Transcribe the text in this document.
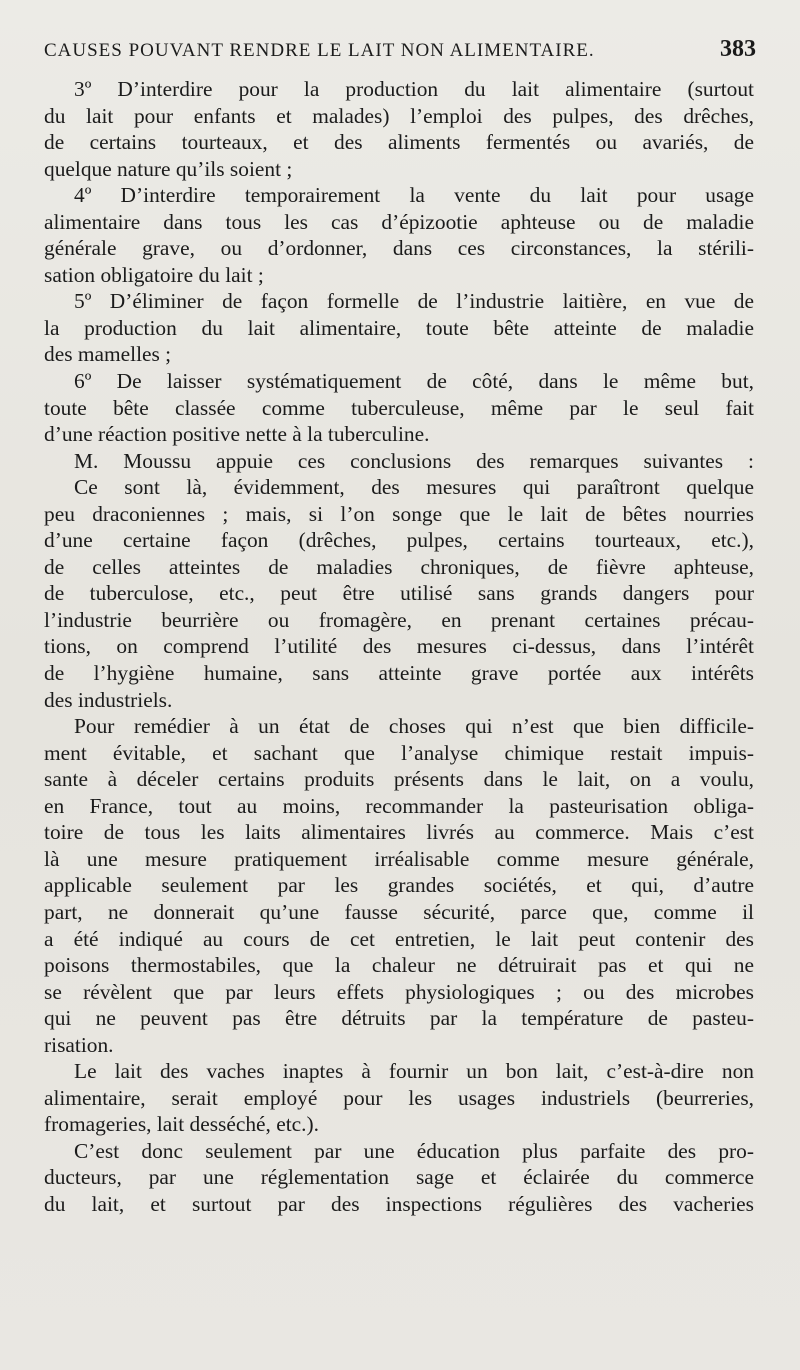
CAUSES POUVANT RENDRE LE LAIT NON ALIMENTAIRE.	383
3º D’interdire pour la production du lait alimentaire (surtout
du lait pour enfants et malades) l’emploi des pulpes, des drêches,
de certains tourteaux, et des aliments fermentés ou avariés, de
quelque nature qu’ils soient ;
4º D’interdire temporairement la vente du lait pour usage
alimentaire dans tous les cas d’épizootie aphteuse ou de maladie
générale grave, ou d’ordonner, dans ces circonstances, la stérili-
sation obligatoire du lait ;
5º D’éliminer de façon formelle de l’industrie laitière, en vue de
la production du lait alimentaire, toute bête atteinte de maladie
des mamelles ;
6º De laisser systématiquement de côté, dans le même but,
toute bête classée comme tuberculeuse, même par le seul fait
d’une réaction positive nette à la tuberculine.
M. Moussu appuie ces conclusions des remarques suivantes :
Ce sont là, évidemment, des mesures qui paraîtront quelque
peu draconiennes ; mais, si l’on songe que le lait de bêtes nourries
d’une certaine façon (drêches, pulpes, certains tourteaux, etc.),
de celles atteintes de maladies chroniques, de fièvre aphteuse,
de tuberculose, etc., peut être utilisé sans grands dangers pour
l’industrie beurrière ou fromagère, en prenant certaines précau-
tions, on comprend l’utilité des mesures ci-dessus, dans l’intérêt
de l’hygiène humaine, sans atteinte grave portée aux intérêts
des industriels.
Pour remédier à un état de choses qui n’est que bien difficile-
ment évitable, et sachant que l’analyse chimique restait impuis-
sante à déceler certains produits présents dans le lait, on a voulu,
en France, tout au moins, recommander la pasteurisation obliga-
toire de tous les laits alimentaires livrés au commerce. Mais c’est
là une mesure pratiquement irréalisable comme mesure générale,
applicable seulement par les grandes sociétés, et qui, d’autre
part, ne donnerait qu’une fausse sécurité, parce que, comme il
a été indiqué au cours de cet entretien, le lait peut contenir des
poisons thermostabiles, que la chaleur ne détruirait pas et qui ne
se révèlent que par leurs effets physiologiques ; ou des microbes
qui ne peuvent pas être détruits par la température de pasteu-
risation.
Le lait des vaches inaptes à fournir un bon lait, c’est-à-dire non
alimentaire, serait employé pour les usages industriels (beurreries,
fromageries, lait desséché, etc.).
C’est donc seulement par une éducation plus parfaite des pro-
ducteurs, par une réglementation sage et éclairée du commerce
du lait, et surtout par des inspections régulières des vacheries
